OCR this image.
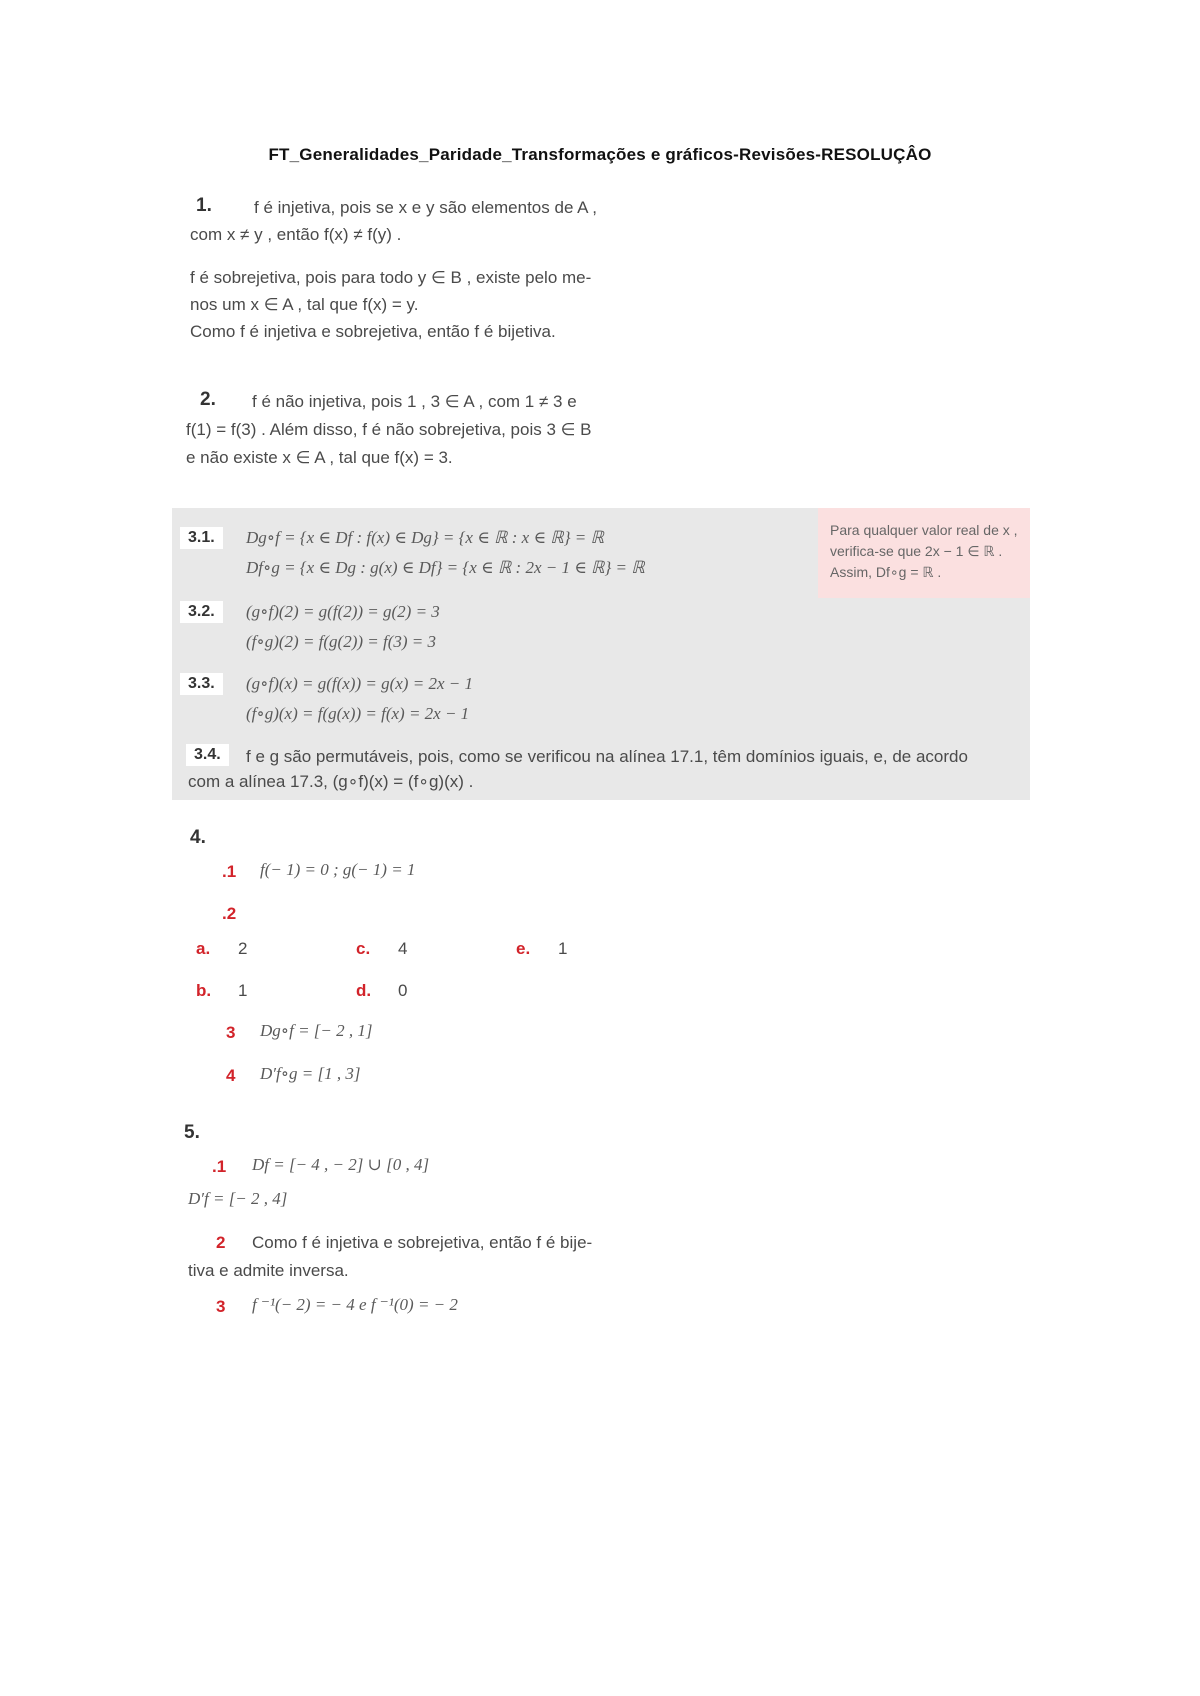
FT_Generalidades_Paridade_Transformações e gráficos-Revisões-RESOLUÇÂO
1. f é injetiva, pois se x e y são elementos de A ,
com x ≠ y , então f(x) ≠ f(y) .
f é sobrejetiva, pois para todo y ∈ B , existe pelo me-
nos um x ∈ A , tal que f(x) = y.
Como f é injetiva e sobrejetiva, então f é bijetiva.
2. f é não injetiva, pois 1 , 3 ∈ A , com 1 ≠ 3 e
f(1) = f(3) . Além disso, f é não sobrejetiva, pois 3 ∈ B
e não existe x ∈ A , tal que f(x) = 3.
Para qualquer valor real de x ,
verifica-se que 2x − 1 ∈ ℝ .
Assim, Df∘g = ℝ .
3.1.	Dg∘f = {x ∈ Df : f(x) ∈ Dg} = {x ∈ ℝ : x ∈ ℝ} = ℝ
Df∘g = {x ∈ Dg : g(x) ∈ Df} = {x ∈ ℝ : 2x − 1 ∈ ℝ} = ℝ
3.2.	(g∘f)(2) = g(f(2)) = g(2) = 3
(f∘g)(2) = f(g(2)) = f(3) = 3
3.3.	(g∘f)(x) = g(f(x)) = g(x) = 2x − 1
(f∘g)(x) = f(g(x)) = f(x) = 2x − 1
3.4.	f e g são permutáveis, pois, como se verificou na alínea 17.1, têm domínios iguais, e, de acordo
com a alínea 17.3, (g∘f)(x) = (f∘g)(x) .
4.
.1 f(− 1) = 0 ; g(− 1) = 1
.2
a. 2	c. 4	e. 1
b. 1	d. 0
3 Dg∘f = [− 2 , 1]
4 D′f∘g = [1 , 3]
5.
.1 Df = [− 4 , − 2] ∪ [0 , 4]
D′f = [− 2 , 4]
2 Como f é injetiva e sobrejetiva, então f é bije-
tiva e admite inversa.
3 f ⁻¹(− 2) = − 4 e f ⁻¹(0) = − 2
